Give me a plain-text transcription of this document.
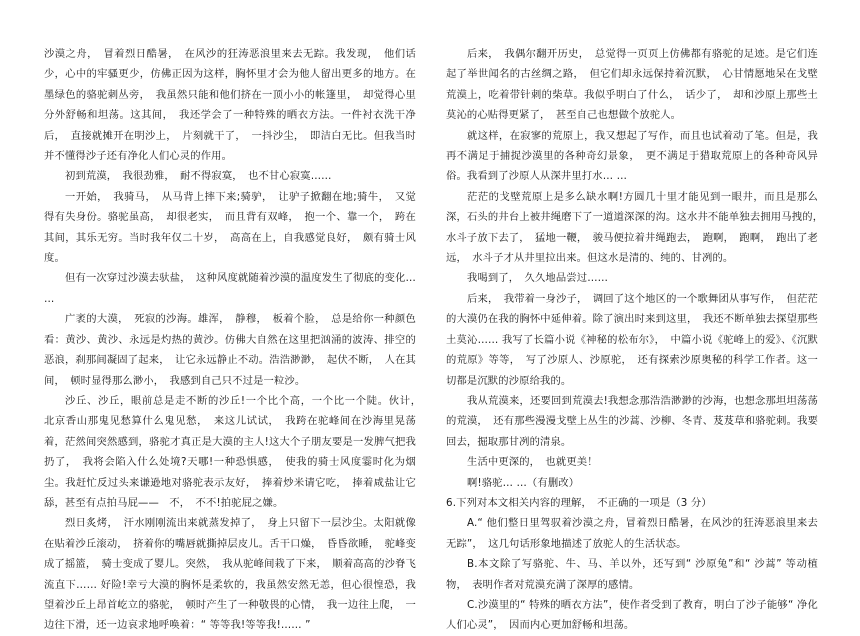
沙漠之舟，　冒着烈日酷暑，　在风沙的狂涛恶浪里来去无踪。我发现，　他们话少，心中的牢骚更少，仿佛正因为这样，胸怀里才会为他人留出更多的地方。在墨绿色的骆驼刺丛旁，　我虽然只能和他们挤在一顶小小的帐篷里，　却觉得心里分外舒畅和坦荡。这其间，　我还学会了一种特殊的晒衣方法。一件衬衣洗干净后，　直接就摊开在明沙上，　片刻就干了，　一抖沙尘，　即洁白无比。但我当时并不懂得沙子还有净化人们心灵的作用。

初到荒漠，　我很劲雅，　耐不得寂寞，　也不甘心寂寞……

一开始，　我骑马，　从马背上摔下来;骑驴，　让驴子掀翻在地;骑牛，　又觉得有失身份。骆驼虽高，　却很老实，　而且背有双峰，　抱一个、靠一个，　跨在其间，其乐无穷。当时我年仅二十岁，　高高在上，自我感觉良好，　颇有骑士风度。

但有一次穿过沙漠去驮盐，　这种风度就随着沙漠的温度发生了彻底的变化… …

广袤的大漠，　死寂的沙海。雄浑，　静穆，　板着个脸，　总是给你一种颜色看：黄沙、黄沙、永远是灼热的黄沙。仿佛大自然在这里把汹涌的波涛、排空的恶浪，刹那间凝固了起来，　让它永远静止不动。浩浩渺渺，　起伏不断，　人在其间，　顿时显得那么渺小，　我感到自己只不过是一粒沙。

沙丘、沙丘，眼前总是走不断的沙丘!一个比个高，一个比一个陡。伙计，　北京香山那鬼见愁算什么鬼见愁，　来这儿试试，　我跨在驼峰间在沙海里晃荡着，茫然间突然感到，骆驼才真正是大漠的主人!这大个子朋友要是一发脾气把我扔了，　我将会陷入什么处境?天哪!一种恐惧感，　使我的骑士风度霎时化为烟尘。我赶忙反过头来谦逊地对骆驼表示友好，　捧着炒米请它吃，　捧着咸盐让它舔，甚至有点拍马屁——　不，　不不!拍驼屁之嫌。

烈日炙烤，　汗水刚刚流出来就蒸发掉了，　身上只留下一层沙尘。太阳就像在贴着沙丘滚动，　挤着你的嘴唇就撕掉层皮儿。舌干口燥，　昏昏欲睡，　驼峰变成了摇篮，　骑士变成了婴儿。突然，　我从驼峰间栽了下来，　顺着高高的沙脊飞流直下…… 好险!幸亏大漠的胸怀是柔软的，我虽然安然无恙，但心很惶恐，我望着沙丘上昂首屹立的骆驼，　顿时产生了一种敬畏的心情，　我一边往上爬，　一边往下滑，还一边哀求地呼唤着：“ 等等我!等等我!…… ”

后来，　我偶尔翻开历史，　总觉得一页页上仿佛都有骆驼的足迹。是它们连起了举世闻名的古丝绸之路，　但它们却永远保持着沉默，　心甘情愿地呆在戈壁荒漠上，吃着带针刺的柴草。我似乎明白了什么，　话少了，　却和沙原上那些土莫沁的心贴得更紧了，　甚至自己也想做个放驼人。

就这样，在寂寥的荒原上，我又想起了写作，而且也试着动了笔。但是，我再不满足于捕捉沙漠里的各种奇幻景象，　更不满足于猎取荒原上的各种奇风异俗。我看到了沙原人从深井里打水… …

茫茫的戈壁荒原上是多么缺水啊!方圆几十里才能见到一眼井，而且是那么深，石头的井台上被井绳磨下了一道道深深的沟。这水井不能单独去拥用马拽的，　水斗子放下去了，　猛地一鞭，　骏马便拉着井绳跑去，　跑啊，　跑啊，　跑出了老远，　水斗子才从井里拉出来。但这水是清的、纯的、甘冽的。

我喝到了，　久久地品尝过……

后来，　我带着一身沙子，　调回了这个地区的一个歌舞团从事写作，　但茫茫的大漠仍在我的胸怀中延伸着。除了演出时来到这里，　我还不断单独去探望那些土莫沁…… 我写了长篇小说《神秘的松布尔》，　中篇小说《驼峰上的爱》、《沉默的荒原》等等，　写了沙原人、沙原驼，　还有探索沙原奥秘的科学工作者。这一切都是沉默的沙原给我的。

我从荒漠来，还要回到荒漠去!我想念那浩浩渺渺的沙海，也想念那坦坦荡荡的荒漠，　还有那些漫漫戈壁上丛生的沙蒿、沙柳、冬青、芨芨草和骆驼刺。我要回去，掘取那甘冽的清泉。

生活中更深的，　也就更美！

啊!骆驼… …（有删改）

6.下列对本文相关内容的理解，　不正确的一项是（3 分）

A.“ 他们整日里驾驭着沙漠之舟，冒着烈日酷暑，在风沙的狂涛恶浪里来去无踪”，　这几句话形象地描述了放驼人的生活状态。

B.本文除了写骆驼、牛、马、羊以外，还写到“ 沙原兔”和“ 沙蒿” 等动植物，　表明作者对荒漠充满了深厚的感情。

C.沙漠里的“ 特殊的晒衣方法”，使作者受到了教育，明白了沙子能够“ 净化人们心灵”，　因而内心更加舒畅和坦荡。
